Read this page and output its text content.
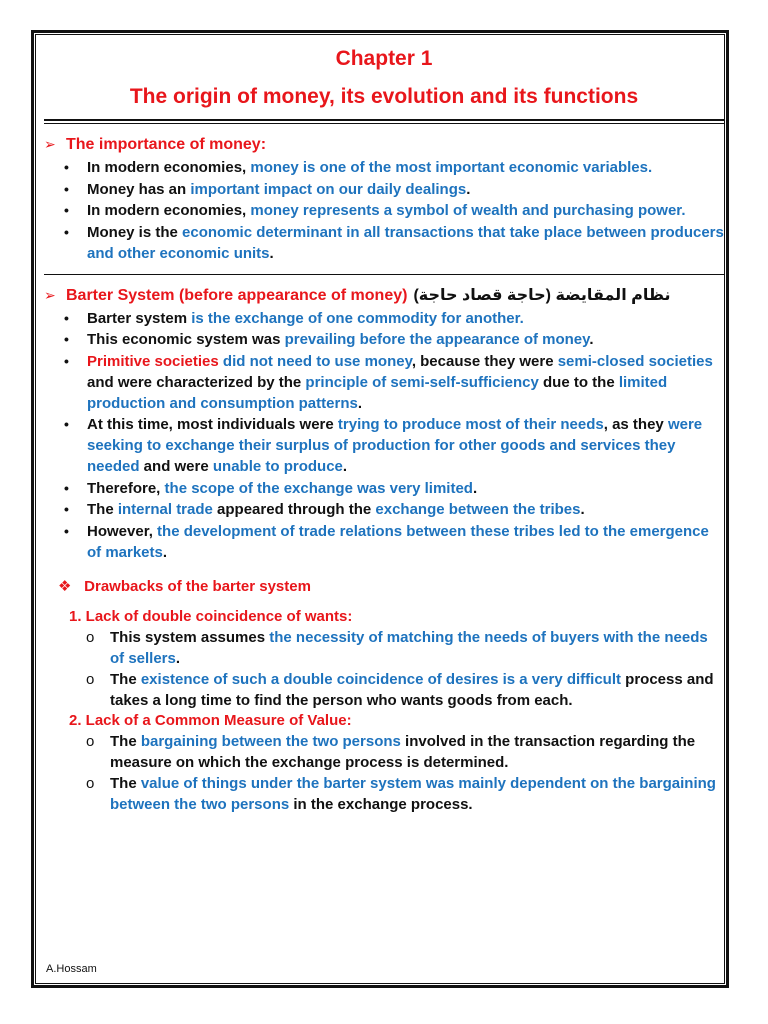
Chapter 1
The origin of money, its evolution and its functions
➢ The importance of money:
• In modern economies, money is one of the most important economic variables.
• Money has an important impact on our daily dealings.
• In modern economies, money represents a symbol of wealth and purchasing power.
• Money is the economic determinant in all transactions that take place between producers and other economic units.
➢ Barter System (before appearance of money) نظام المقايضة (حاجة قصاد حاجة)
• Barter system is the exchange of one commodity for another.
• This economic system was prevailing before the appearance of money.
• Primitive societies did not need to use money, because they were semi-closed societies and were characterized by the principle of semi-self-sufficiency due to the limited production and consumption patterns.
• At this time, most individuals were trying to produce most of their needs, as they were seeking to exchange their surplus of production for other goods and services they needed and were unable to produce.
• Therefore, the scope of the exchange was very limited.
• The internal trade appeared through the exchange between the tribes.
• However, the development of trade relations between these tribes led to the emergence of markets.
❖ Drawbacks of the barter system
1. Lack of double coincidence of wants:
o This system assumes the necessity of matching the needs of buyers with the needs of sellers.
o The existence of such a double coincidence of desires is a very difficult process and takes a long time to find the person who wants goods from each.
2. Lack of a Common Measure of Value:
o The bargaining between the two persons involved in the transaction regarding the measure on which the exchange process is determined.
o The value of things under the barter system was mainly dependent on the bargaining between the two persons in the exchange process.
A.Hossam
